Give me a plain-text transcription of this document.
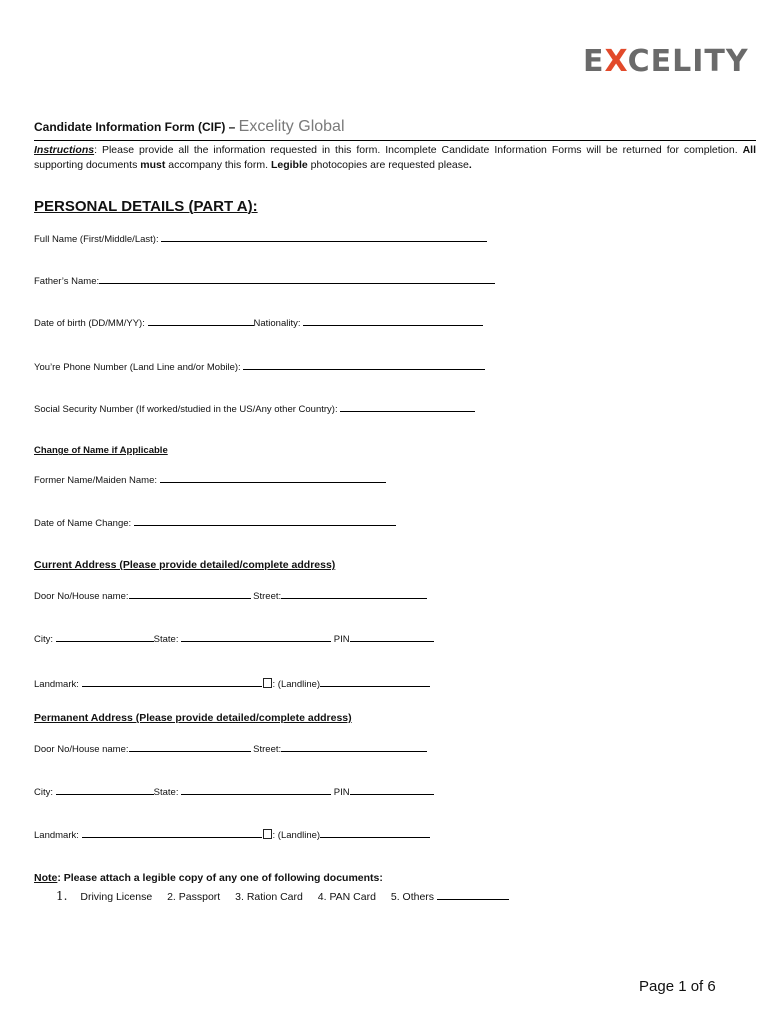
EXCELITY
Candidate Information Form (CIF) – Excelity Global
Instructions: Please provide all the information requested in this form. Incomplete Candidate Information Forms will be returned for completion. All supporting documents must accompany this form. Legible photocopies are requested please.
PERSONAL DETAILS (PART A):
Full Name (First/Middle/Last):
Father’s Name:
Date of birth (DD/MM/YY):	Nationality:
You’re Phone Number (Land Line and/or Mobile):
Social Security Number (If worked/studied in the US/Any other Country):
Change of Name if Applicable
Former Name/Maiden Name:
Date of Name Change:
Current Address (Please provide detailed/complete address)
Door No/House name:	Street:
City:	State:	PIN
Landmark:	: (Landline)
Permanent Address (Please provide detailed/complete address)
Door No/House name:	Street:
City:	State:	PIN
Landmark:	: (Landline)
Note: Please attach a legible copy of any one of following documents:
1. Driving License 2. Passport 3. Ration Card 4. PAN Card 5. Others
Page 1 of 6
